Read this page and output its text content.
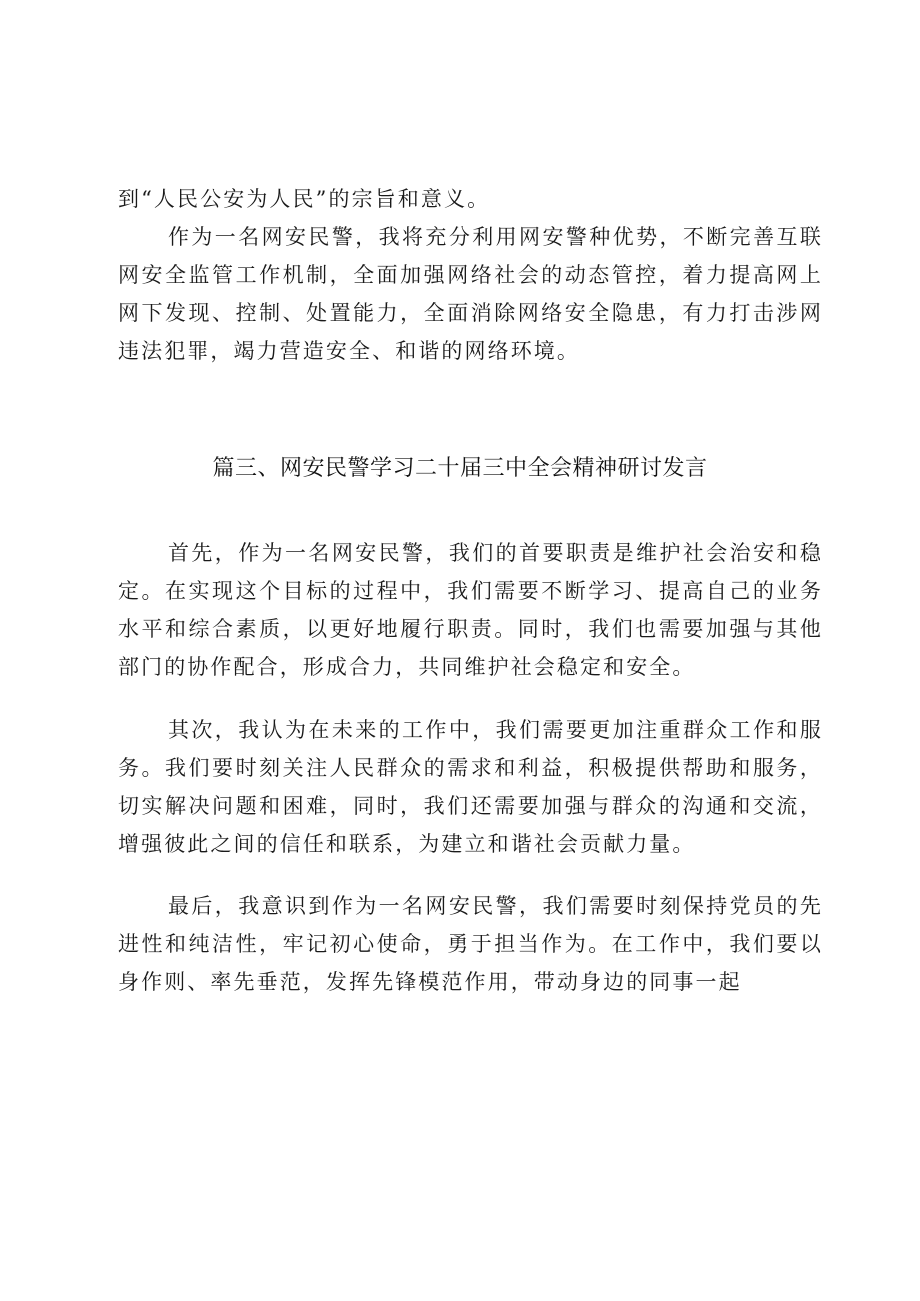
到“人民公安为人民”的宗旨和意义。

作为一名网安民警，我将充分利用网安警种优势，不断完善互联网安全监管工作机制，全面加强网络社会的动态管控，着力提高网上网下发现、控制、处置能力，全面消除网络安全隐患，有力打击涉网违法犯罪，竭力营造安全、和谐的网络环境。

篇三、网安民警学习二十届三中全会精神研讨发言

首先，作为一名网安民警，我们的首要职责是维护社会治安和稳定。在实现这个目标的过程中，我们需要不断学习、提高自己的业务水平和综合素质，以更好地履行职责。同时，我们也需要加强与其他部门的协作配合，形成合力，共同维护社会稳定和安全。

其次，我认为在未来的工作中，我们需要更加注重群众工作和服务。我们要时刻关注人民群众的需求和利益，积极提供帮助和服务，切实解决问题和困难，同时，我们还需要加强与群众的沟通和交流，增强彼此之间的信任和联系，为建立和谐社会贡献力量。

最后，我意识到作为一名网安民警，我们需要时刻保持党员的先进性和纯洁性，牢记初心使命，勇于担当作为。在工作中，我们要以身作则、率先垂范，发挥先锋模范作用，带动身边的同事一起
